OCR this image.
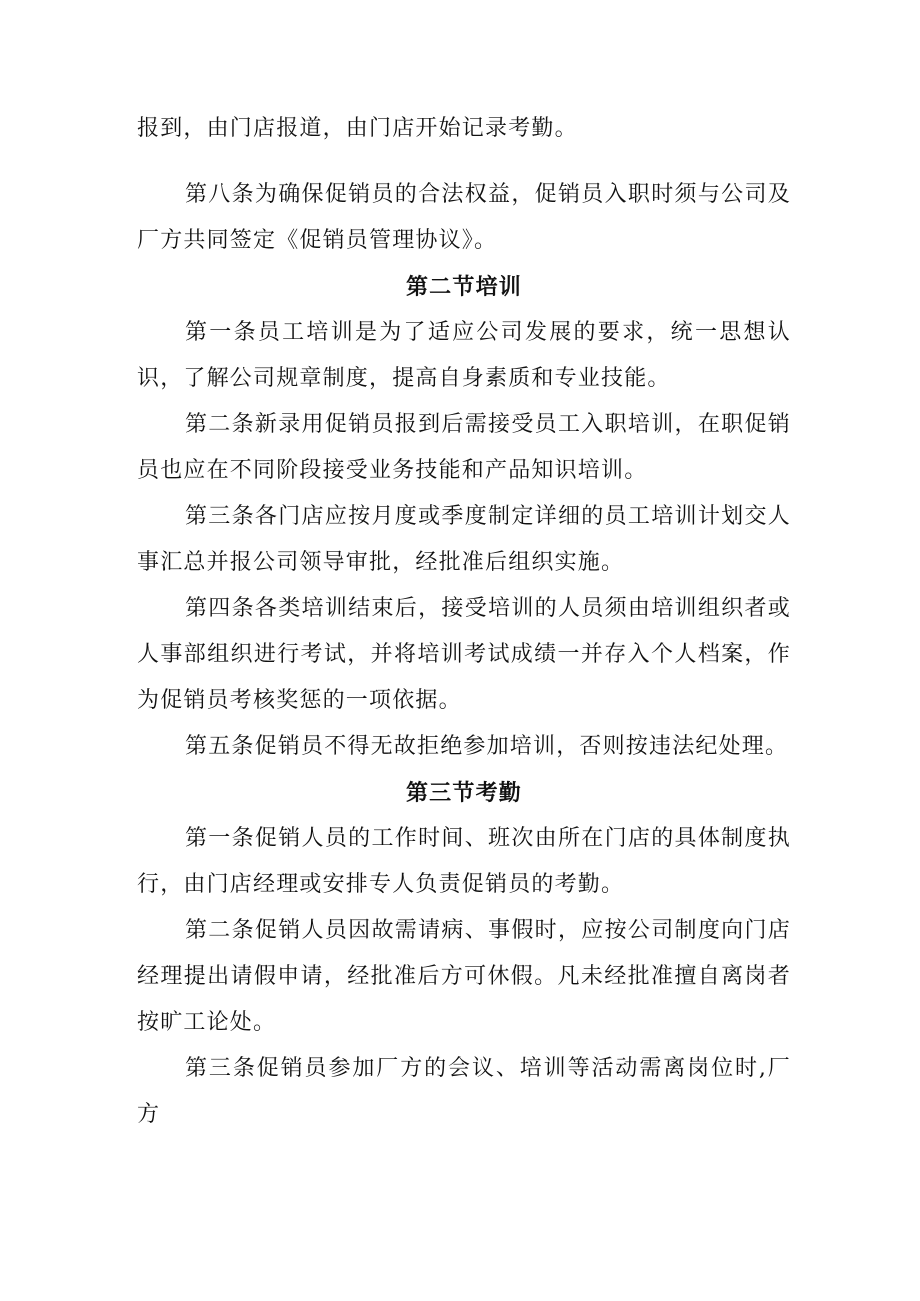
报到，由门店报道，由门店开始记录考勤。

第八条为确保促销员的合法权益，促销员入职时须与公司及厂方共同签定《促销员管理协议》。

第二节培训

第一条员工培训是为了适应公司发展的要求，统一思想认识，了解公司规章制度，提高自身素质和专业技能。

第二条新录用促销员报到后需接受员工入职培训，在职促销员也应在不同阶段接受业务技能和产品知识培训。

第三条各门店应按月度或季度制定详细的员工培训计划交人事汇总并报公司领导审批，经批准后组织实施。

第四条各类培训结束后，接受培训的人员须由培训组织者或人事部组织进行考试，并将培训考试成绩一并存入个人档案，作为促销员考核奖惩的一项依据。

第五条促销员不得无故拒绝参加培训，否则按违法纪处理。

第三节考勤

第一条促销人员的工作时间、班次由所在门店的具体制度执行，由门店经理或安排专人负责促销员的考勤。

第二条促销人员因故需请病、事假时，应按公司制度向门店经理提出请假申请，经批准后方可休假。凡未经批准擅自离岗者按旷工论处。

第三条促销员参加厂方的会议、培训等活动需离岗位时,厂方
